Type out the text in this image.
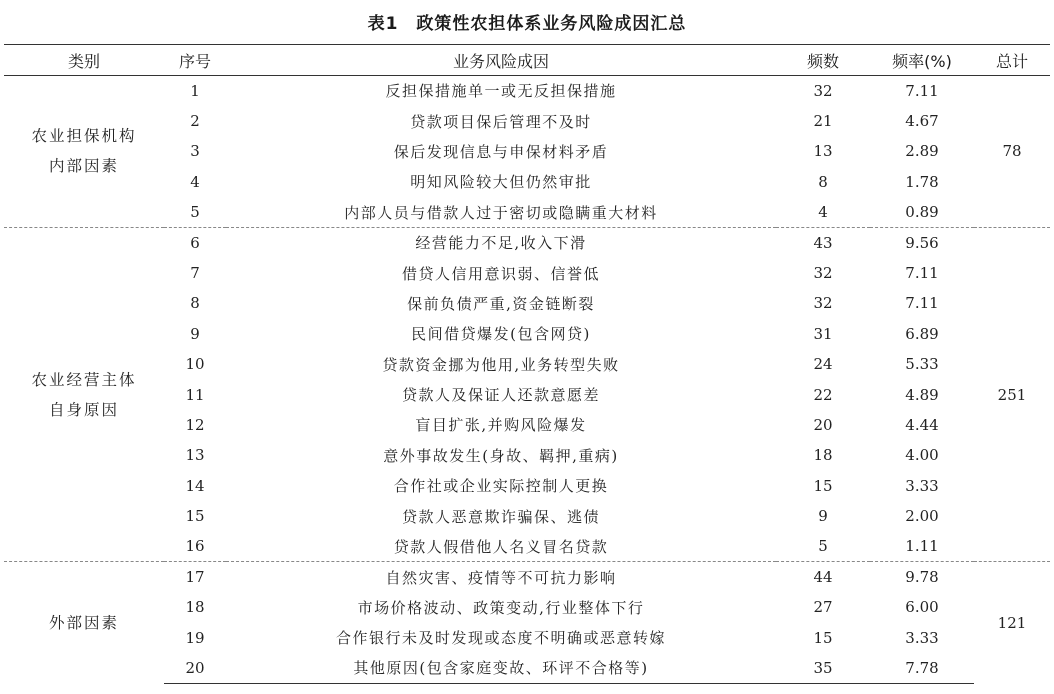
表1　政策性农担体系业务风险成因汇总
类别	序号	业务风险成因	频数	频率(%)	总计

农业担保机构
内部因素	1	反担保措施单一或无反担保措施	32	7.11	78
	2	贷款项目保后管理不及时	21	4.67	
	3	保后发现信息与申保材料矛盾	13	2.89	
	4	明知风险较大但仍然审批	8	1.78	
	5	内部人员与借款人过于密切或隐瞒重大材料	4	0.89	

农业经营主体
自身原因	6	经营能力不足,收入下滑	43	9.56	251
	7	借贷人信用意识弱、信誉低	32	7.11	
	8	保前负债严重,资金链断裂	32	7.11	
	9	民间借贷爆发(包含网贷)	31	6.89	
	10	贷款资金挪为他用,业务转型失败	24	5.33	
	11	贷款人及保证人还款意愿差	22	4.89	
	12	盲目扩张,并购风险爆发	20	4.44	
	13	意外事故发生(身故、羁押,重病)	18	4.00	
	14	合作社或企业实际控制人更换	15	3.33	
	15	贷款人恶意欺诈骗保、逃债	9	2.00	
	16	贷款人假借他人名义冒名贷款	5	1.11	

外部因素	17	自然灾害、疫情等不可抗力影响	44	9.78	121
	18	市场价格波动、政策变动,行业整体下行	27	6.00	
	19	合作银行未及时发现或态度不明确或恶意转嫁	15	3.33	
	20	其他原因(包含家庭变故、环评不合格等)	35	7.78	
